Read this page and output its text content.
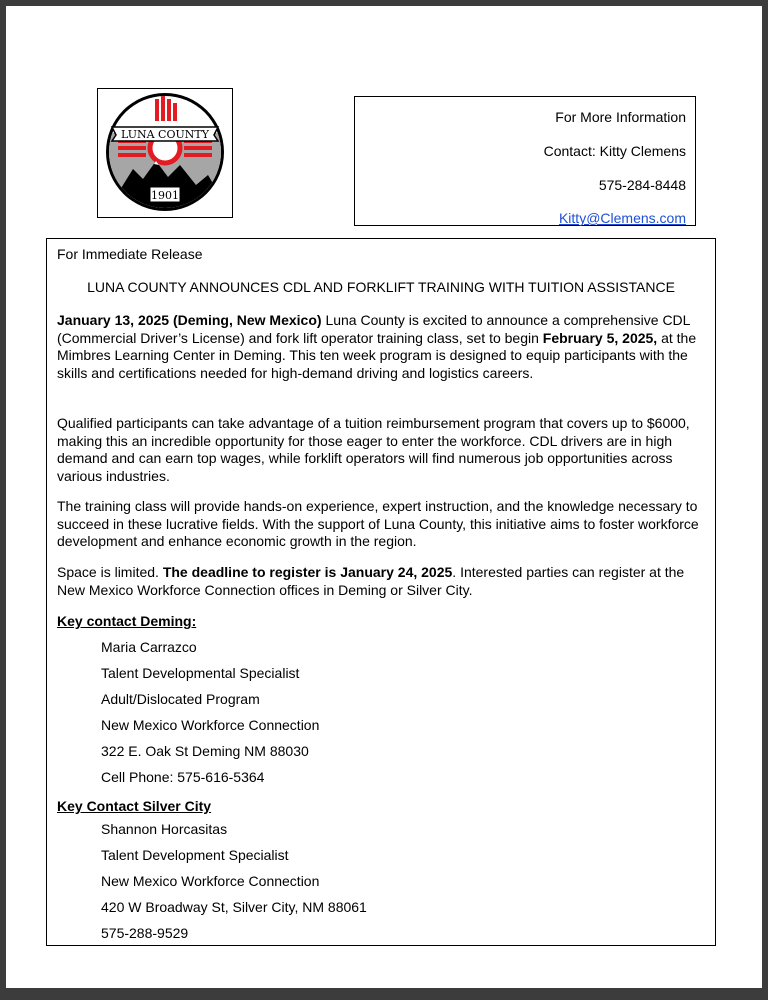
LUNA COUNTY
1901
For More Information
Contact: Kitty Clemens
575-284-8448
Kitty@Clemens.com
For Immediate Release
LUNA COUNTY ANNOUNCES CDL AND FORKLIFT TRAINING WITH TUITION ASSISTANCE

January 13, 2025 (Deming, New Mexico) Luna County is excited to announce a comprehensive CDL (Commercial Driver’s License) and fork lift operator training class, set to begin February 5, 2025, at the Mimbres Learning Center in Deming. This ten week program is designed to equip participants with the skills and certifications needed for high-demand driving and logistics careers.

Qualified participants can take advantage of a tuition reimbursement program that covers up to $6000, making this an incredible opportunity for those eager to enter the workforce. CDL drivers are in high demand and can earn top wages, while forklift operators will find numerous job opportunities across various industries.

The training class will provide hands-on experience, expert instruction, and the knowledge necessary to succeed in these lucrative fields. With the support of Luna County, this initiative aims to foster workforce development and enhance economic growth in the region.

Space is limited. The deadline to register is January 24, 2025. Interested parties can register at the New Mexico Workforce Connection offices in Deming or Silver City.

Key contact Deming:
Maria Carrazco
Talent Developmental Specialist
Adult/Dislocated Program
New Mexico Workforce Connection
322 E. Oak St Deming NM 88030
Cell Phone: 575-616-5364
Key Contact Silver City
Shannon Horcasitas
Talent Development Specialist
New Mexico Workforce Connection
420 W Broadway St, Silver City, NM 88061
575-288-9529
